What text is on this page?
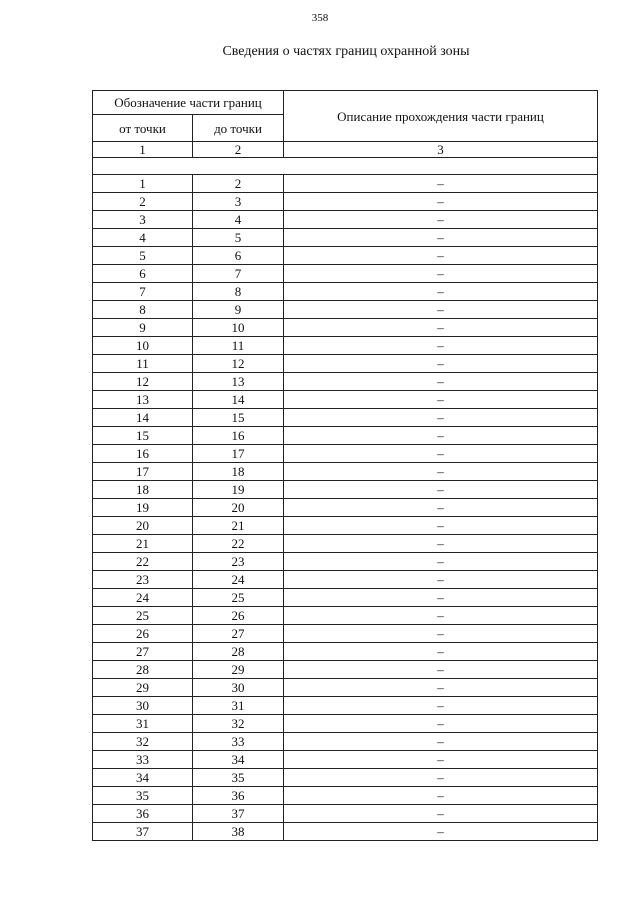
358
Сведения о частях границ охранной зоны
Обозначение части границ		Описание прохождения части границ
от точки	до точки	
1	2	3

1	2	–
2	3	–
3	4	–
4	5	–
5	6	–
6	7	–
7	8	–
8	9	–
9	10	–
10	11	–
11	12	–
12	13	–
13	14	–
14	15	–
15	16	–
16	17	–
17	18	–
18	19	–
19	20	–
20	21	–
21	22	–
22	23	–
23	24	–
24	25	–
25	26	–
26	27	–
27	28	–
28	29	–
29	30	–
30	31	–
31	32	–
32	33	–
33	34	–
34	35	–
35	36	–
36	37	–
37	38	–
